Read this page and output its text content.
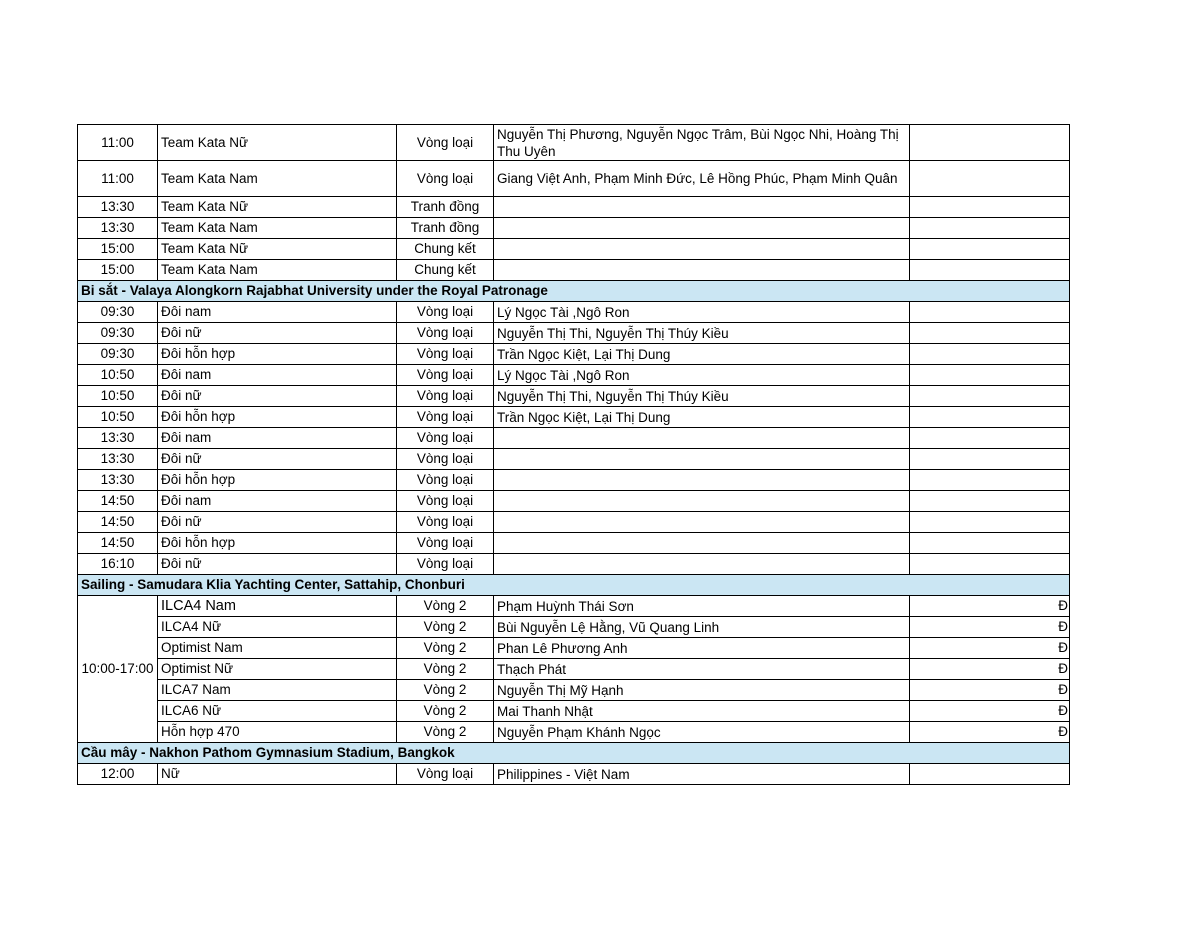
11:00	Team Kata Nữ	Vòng loại	Nguyễn Thị Phương, Nguyễn Ngọc Trâm, Bùi Ngọc Nhi, Hoàng Thị Thu Uyên	
11:00	Team Kata Nam	Vòng loại	Giang Việt Anh, Phạm Minh Đức, Lê Hồng Phúc, Phạm Minh Quân	
13:30	Team Kata Nữ	Tranh đồng		
13:30	Team Kata Nam	Tranh đồng		
15:00	Team Kata Nữ	Chung kết		
15:00	Team Kata Nam	Chung kết		
Bi sắt - Valaya Alongkorn Rajabhat University under the Royal Patronage				
09:30	Đôi nam	Vòng loại	Lý Ngọc Tài ,Ngô Ron	
09:30	Đôi nữ	Vòng loại	Nguyễn Thị Thi, Nguyễn Thị Thúy Kiều	
09:30	Đôi hỗn hợp	Vòng loại	Trần Ngọc Kiệt, Lại Thị Dung	
10:50	Đôi nam	Vòng loại	Lý Ngọc Tài ,Ngô Ron	
10:50	Đôi nữ	Vòng loại	Nguyễn Thị Thi, Nguyễn Thị Thúy Kiều	
10:50	Đôi hỗn hợp	Vòng loại	Trần Ngọc Kiệt, Lại Thị Dung	
13:30	Đôi nam	Vòng loại		
13:30	Đôi nữ	Vòng loại		
13:30	Đôi hỗn hợp	Vòng loại		
14:50	Đôi nam	Vòng loại		
14:50	Đôi nữ	Vòng loại		
14:50	Đôi hỗn hợp	Vòng loại		
16:10	Đôi nữ	Vòng loại		
Sailing - Samudara Klia Yachting Center, Sattahip, Chonburi				
10:00-17:00	ILCA4 Nam	Vòng 2	Phạm Huỳnh Thái Sơn	Đ
	ILCA4 Nữ	Vòng 2	Bùi Nguyễn Lệ Hằng, Vũ Quang Linh	Đ
	Optimist Nam	Vòng 2	Phan Lê Phương Anh	Đ
	Optimist Nữ	Vòng 2	Thạch Phát	Đ
	ILCA7 Nam	Vòng 2	Nguyễn Thị Mỹ Hạnh	Đ
	ILCA6 Nữ	Vòng 2	Mai Thanh Nhật	Đ
	Hỗn hợp 470	Vòng 2	Nguyễn Phạm Khánh Ngọc	Đ
Cầu mây - Nakhon Pathom Gymnasium Stadium, Bangkok				
12:00	Nữ	Vòng loại	Philippines - Việt Nam	
